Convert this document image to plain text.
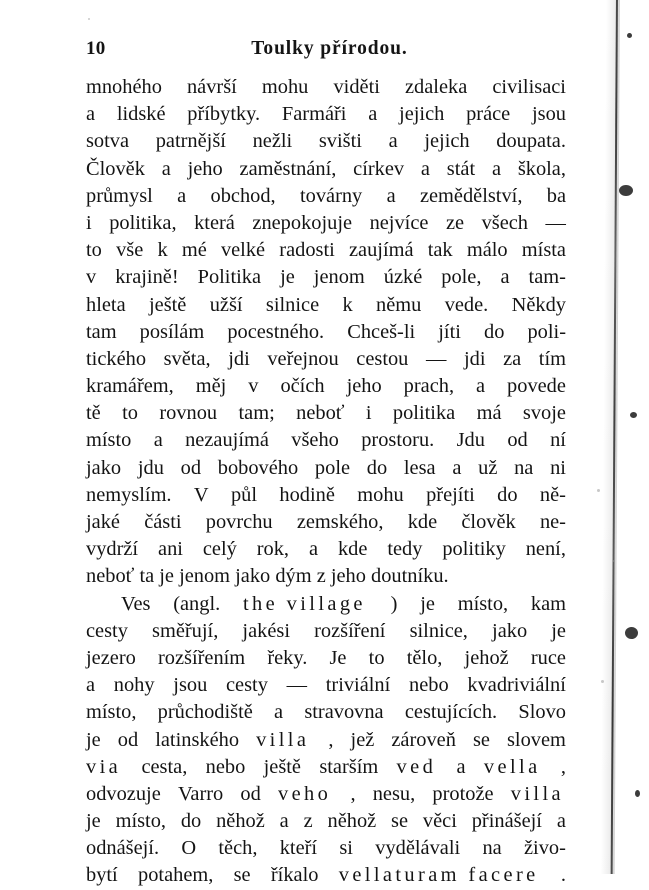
10	Toulky přírodou.
mnohého návrší mohu viděti zdaleka civilisaci
a lidské příbytky. Farmáři a jejich práce jsou
sotva patrnější nežli svišti a jejich doupata.
Člověk a jeho zaměstnání, církev a stát a škola,
průmysl a obchod, továrny a zemědělství, ba
i politika, která znepokojuje nejvíce ze všech —
to vše k mé velké radosti zaujímá tak málo místa
v krajině! Politika je jenom úzké pole, a tam-
hleta ještě užší silnice k němu vede. Někdy
tam posílám pocestného. Chceš-li jíti do poli-
tického světa, jdi veřejnou cestou — jdi za tím
kramářem, měj v očích jeho prach, a povede
tě to rovnou tam; neboť i politika má svoje
místo a nezaujímá všeho prostoru. Jdu od ní
jako jdu od bobového pole do lesa a už na ni
nemyslím. V půl hodině mohu přejíti do ně-
jaké části povrchu zemského, kde člověk ne-
vydrží ani celý rok, a kde tedy politiky není,
neboť ta je jenom jako dým z jeho doutníku.
Ves (angl. the village ) je místo, kam
cesty směřují, jakési rozšíření silnice, jako je
jezero rozšířením řeky. Je to tělo, jehož ruce
a nohy jsou cesty — triviální nebo kvadriviální
místo, průchodiště a stravovna cestujících. Slovo
je od latinského villa , jež zároveň se slovem
via cesta, nebo ještě starším ved a vella ,
odvozuje Varro od veho , nesu, protože villa
je místo, do něhož a z něhož se věci přinášejí a
odnášejí. O těch, kteří si vydělávali na živo-
bytí potahem, se říkalo vellaturam facere .
